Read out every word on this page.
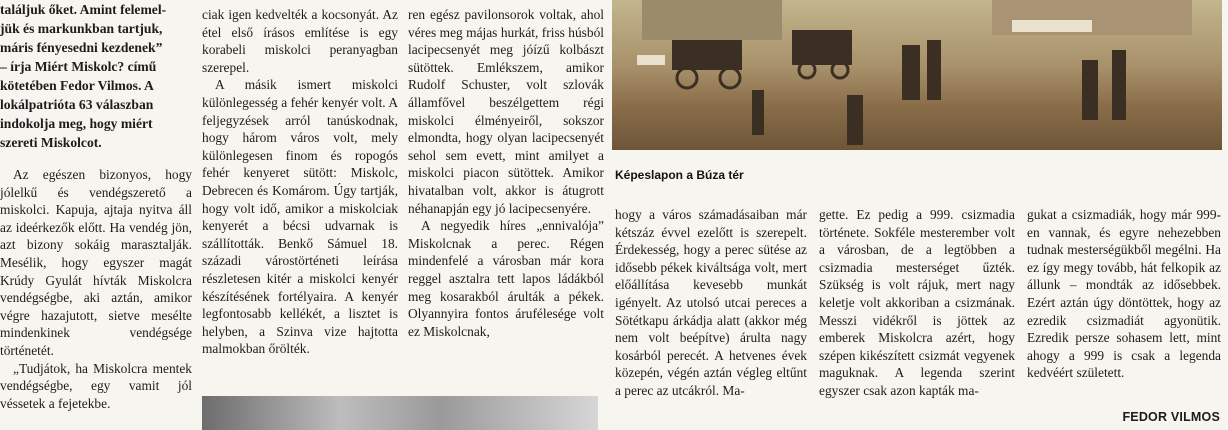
találjuk őket. Amint felemel-
jük és markunkban tartjuk,
máris fényesedni kezdenek”
– írja Miért Miskolc? című
kötetében Fedor Vilmos. A
lokálpatrióta 63 válaszban
indokolja meg, hogy miért
szereti Miskolcot.

Az egészen bizonyos, hogy jólelkű és vendégszerető a miskolci. Kapuja, ajtaja nyitva áll az ideérkezők előtt. Ha vendég jön, azt bizony sokáig marasztalják. Mesélik, hogy egyszer magát Krúdy Gyulát hívták Miskolcra vendégségbe, aki aztán, amikor végre hazajutott, sietve mesélte mindenkinek vendégsége történetét.

„Tudjátok, ha Miskolcra mentek vendégségbe, egy vamit jól véssetek a fejetekbe.

ciak igen kedvelték a kocsonyát. Az étel első írásos említése is egy korabeli miskolci peranyagban szerepel.

A másik ismert miskolci különlegesség a fehér kenyér volt. A feljegyzések arról tanúskodnak, hogy három város volt, mely különlegesen finom és ropogós fehér kenyeret sütött: Miskolc, Debrecen és Komárom. Úgy tartják, hogy volt idő, amikor a miskolciak kenyerét a bécsi udvarnak is szállították. Benkő Sámuel 18. századi várostörténeti leírása részletesen kitér a miskolci kenyér készítésének fortélyaira. A kenyér legfontosabb kellékét, a lisztet is helyben, a Szinva vize hajtotta malmokban őrölték.

ren egész pavilonsorok voltak, ahol véres meg májas hurkát, friss húsból lacipecsenyét meg jóízű kolbászt sütöttek. Emlékszem, amikor Rudolf Schuster, volt szlovák államfővel beszélgettem régi miskolci élményeiről, sokszor elmondta, hogy olyan lacipecsenyét sehol sem evett, mint amilyet a miskolci piacon sütöttek. Amikor hivatalban volt, akkor is átugrott néhanapján egy jó lacipecsenyére.

A negyedik híres „ennivalója” Miskolcnak a perec. Régen mindenfelé a városban már kora reggel asztalra tett lapos ládákból meg kosarakból árulták a pékek. Olyannyira fontos árufélesége volt ez Miskolcnak,

Képeslapon a Búza tér

hogy a város számadásaiban már kétszáz évvel ezelőtt is szerepelt. Érdekesség, hogy a perec sütése az idősebb pékek kiváltsága volt, mert előállítása kevesebb munkát igényelt. Az utolsó utcai pereces a Sötétkapu árkádja alatt (akkor még nem volt beépítve) árulta nagy kosárból perecét. A hetvenes évek közepén, végén aztán végleg eltűnt a perec az utcákról. Ma-

gette. Ez pedig a 999. csizmadia története. Sokféle mesterember volt a városban, de a legtöbben a csizmadia mesterséget űzték. Szükség is volt rájuk, mert nagy keletje volt akkoriban a csizmának. Messzi vidékről is jöttek az emberek Miskolcra azért, hogy szépen kikészített csizmát vegyenek maguknak. A legenda szerint egyszer csak azon kapták ma-

gukat a csizmadiák, hogy már 999-en vannak, és egyre nehezebben tudnak mesterségükből megélni. Ha ez így megy tovább, hát felkopik az állunk – mondták az idősebbek. Ezért aztán úgy döntöttek, hogy az ezredik csizmadiát agyonütik. Ezredik persze sohasem lett, mint ahogy a 999 is csak a legenda kedvéért született.

FEDOR VILMOS
